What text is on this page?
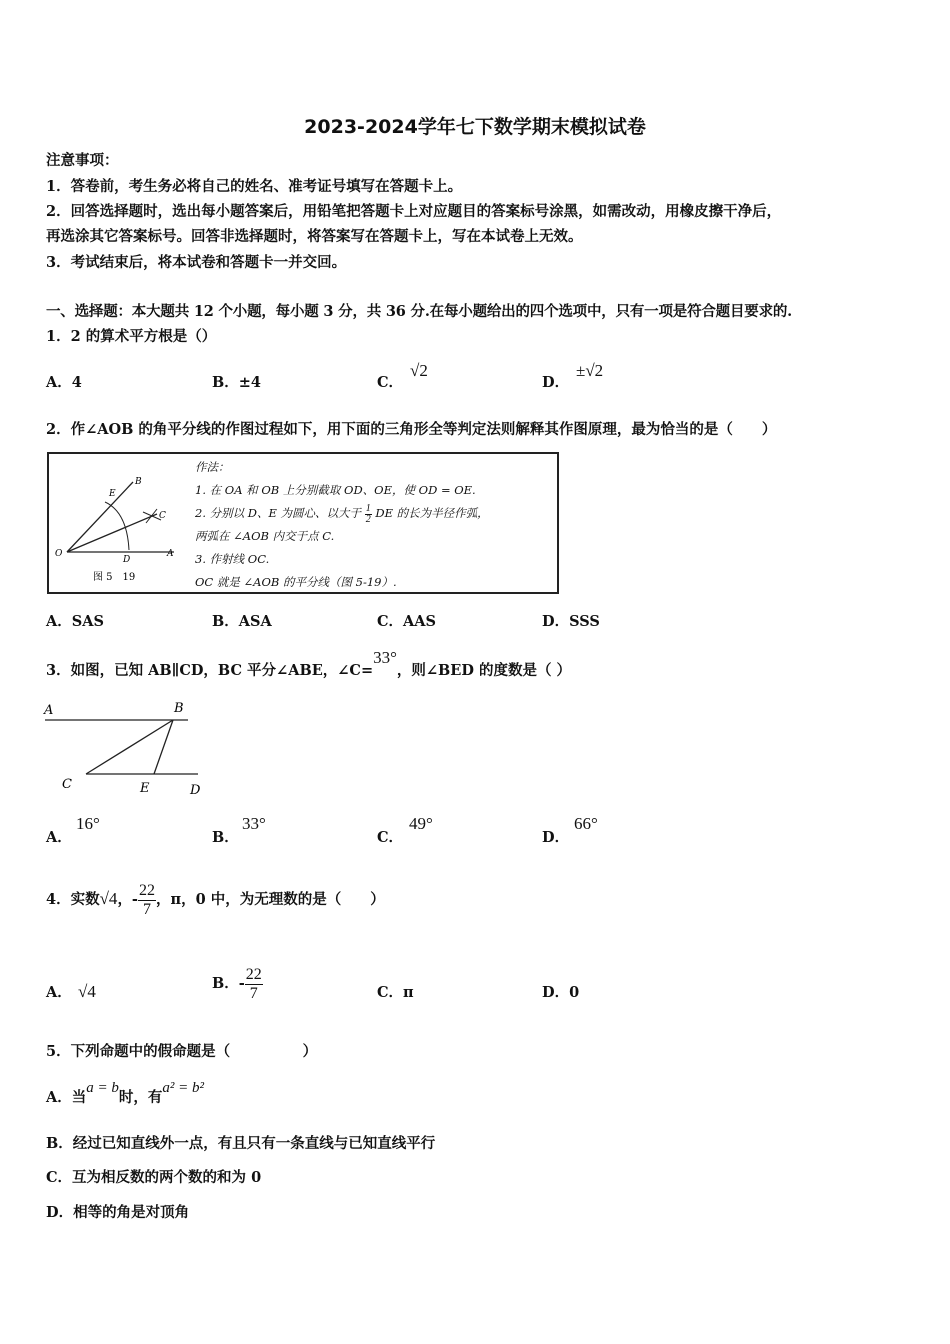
2023-2024学年七下数学期末模拟试卷
注意事项：
1．答卷前，考生务必将自己的姓名、准考证号填写在答题卡上。
2．回答选择题时，选出每小题答案后，用铅笔把答题卡上对应题目的答案标号涂黑，如需改动，用橡皮擦干净后，
再选涂其它答案标号。回答非选择题时，将答案写在答题卡上，写在本试卷上无效。
3．考试结束后，将本试卷和答题卡一并交回。
一、选择题：本大题共 12 个小题，每小题 3 分，共 36 分.在每小题给出的四个选项中，只有一项是符合题目要求的.
1．2 的算术平方根是（）
A．4	B．±4	C．
√2
D．
±√2
2．作∠AOB 的角平分线的作图过程如下，用下面的三角形全等判定法则解释其作图原理，最为恰当的是（　　）
B
E
C
O
D
A
图 5　19
作法：
1. 在 OA 和 OB 上分别截取 OD、OE，使 OD = OE.
2. 分别以 D、E 为圆心、以大于 $\frac{1}{2}$ DE 的长为半径作弧，
两弧在 ∠AOB 内交于点 C.
3. 作射线 OC.
OC 就是 ∠AOB 的平分线（图 5-19）.
A．SAS	B．ASA	C．AAS	D．SSS
3．如图，已知 AB∥CD，BC 平分∠ABE，∠C=33°，则∠BED 的度数是（ ）
A	B
C	E	D
A．
16°
B．
33°
C．
49°
D．
66°
4．实数√4，- $\frac{22}{7}$ ，π，0 中，为无理数的是（　　）
A． √4	B．- $\frac{22}{7}$	C．π	D．0
5．下列命题中的假命题是（　　　　　）
A．当a = b时，有a² = b²
B．经过已知直线外一点，有且只有一条直线与已知直线平行
C．互为相反数的两个数的和为 0
D．相等的角是对顶角
